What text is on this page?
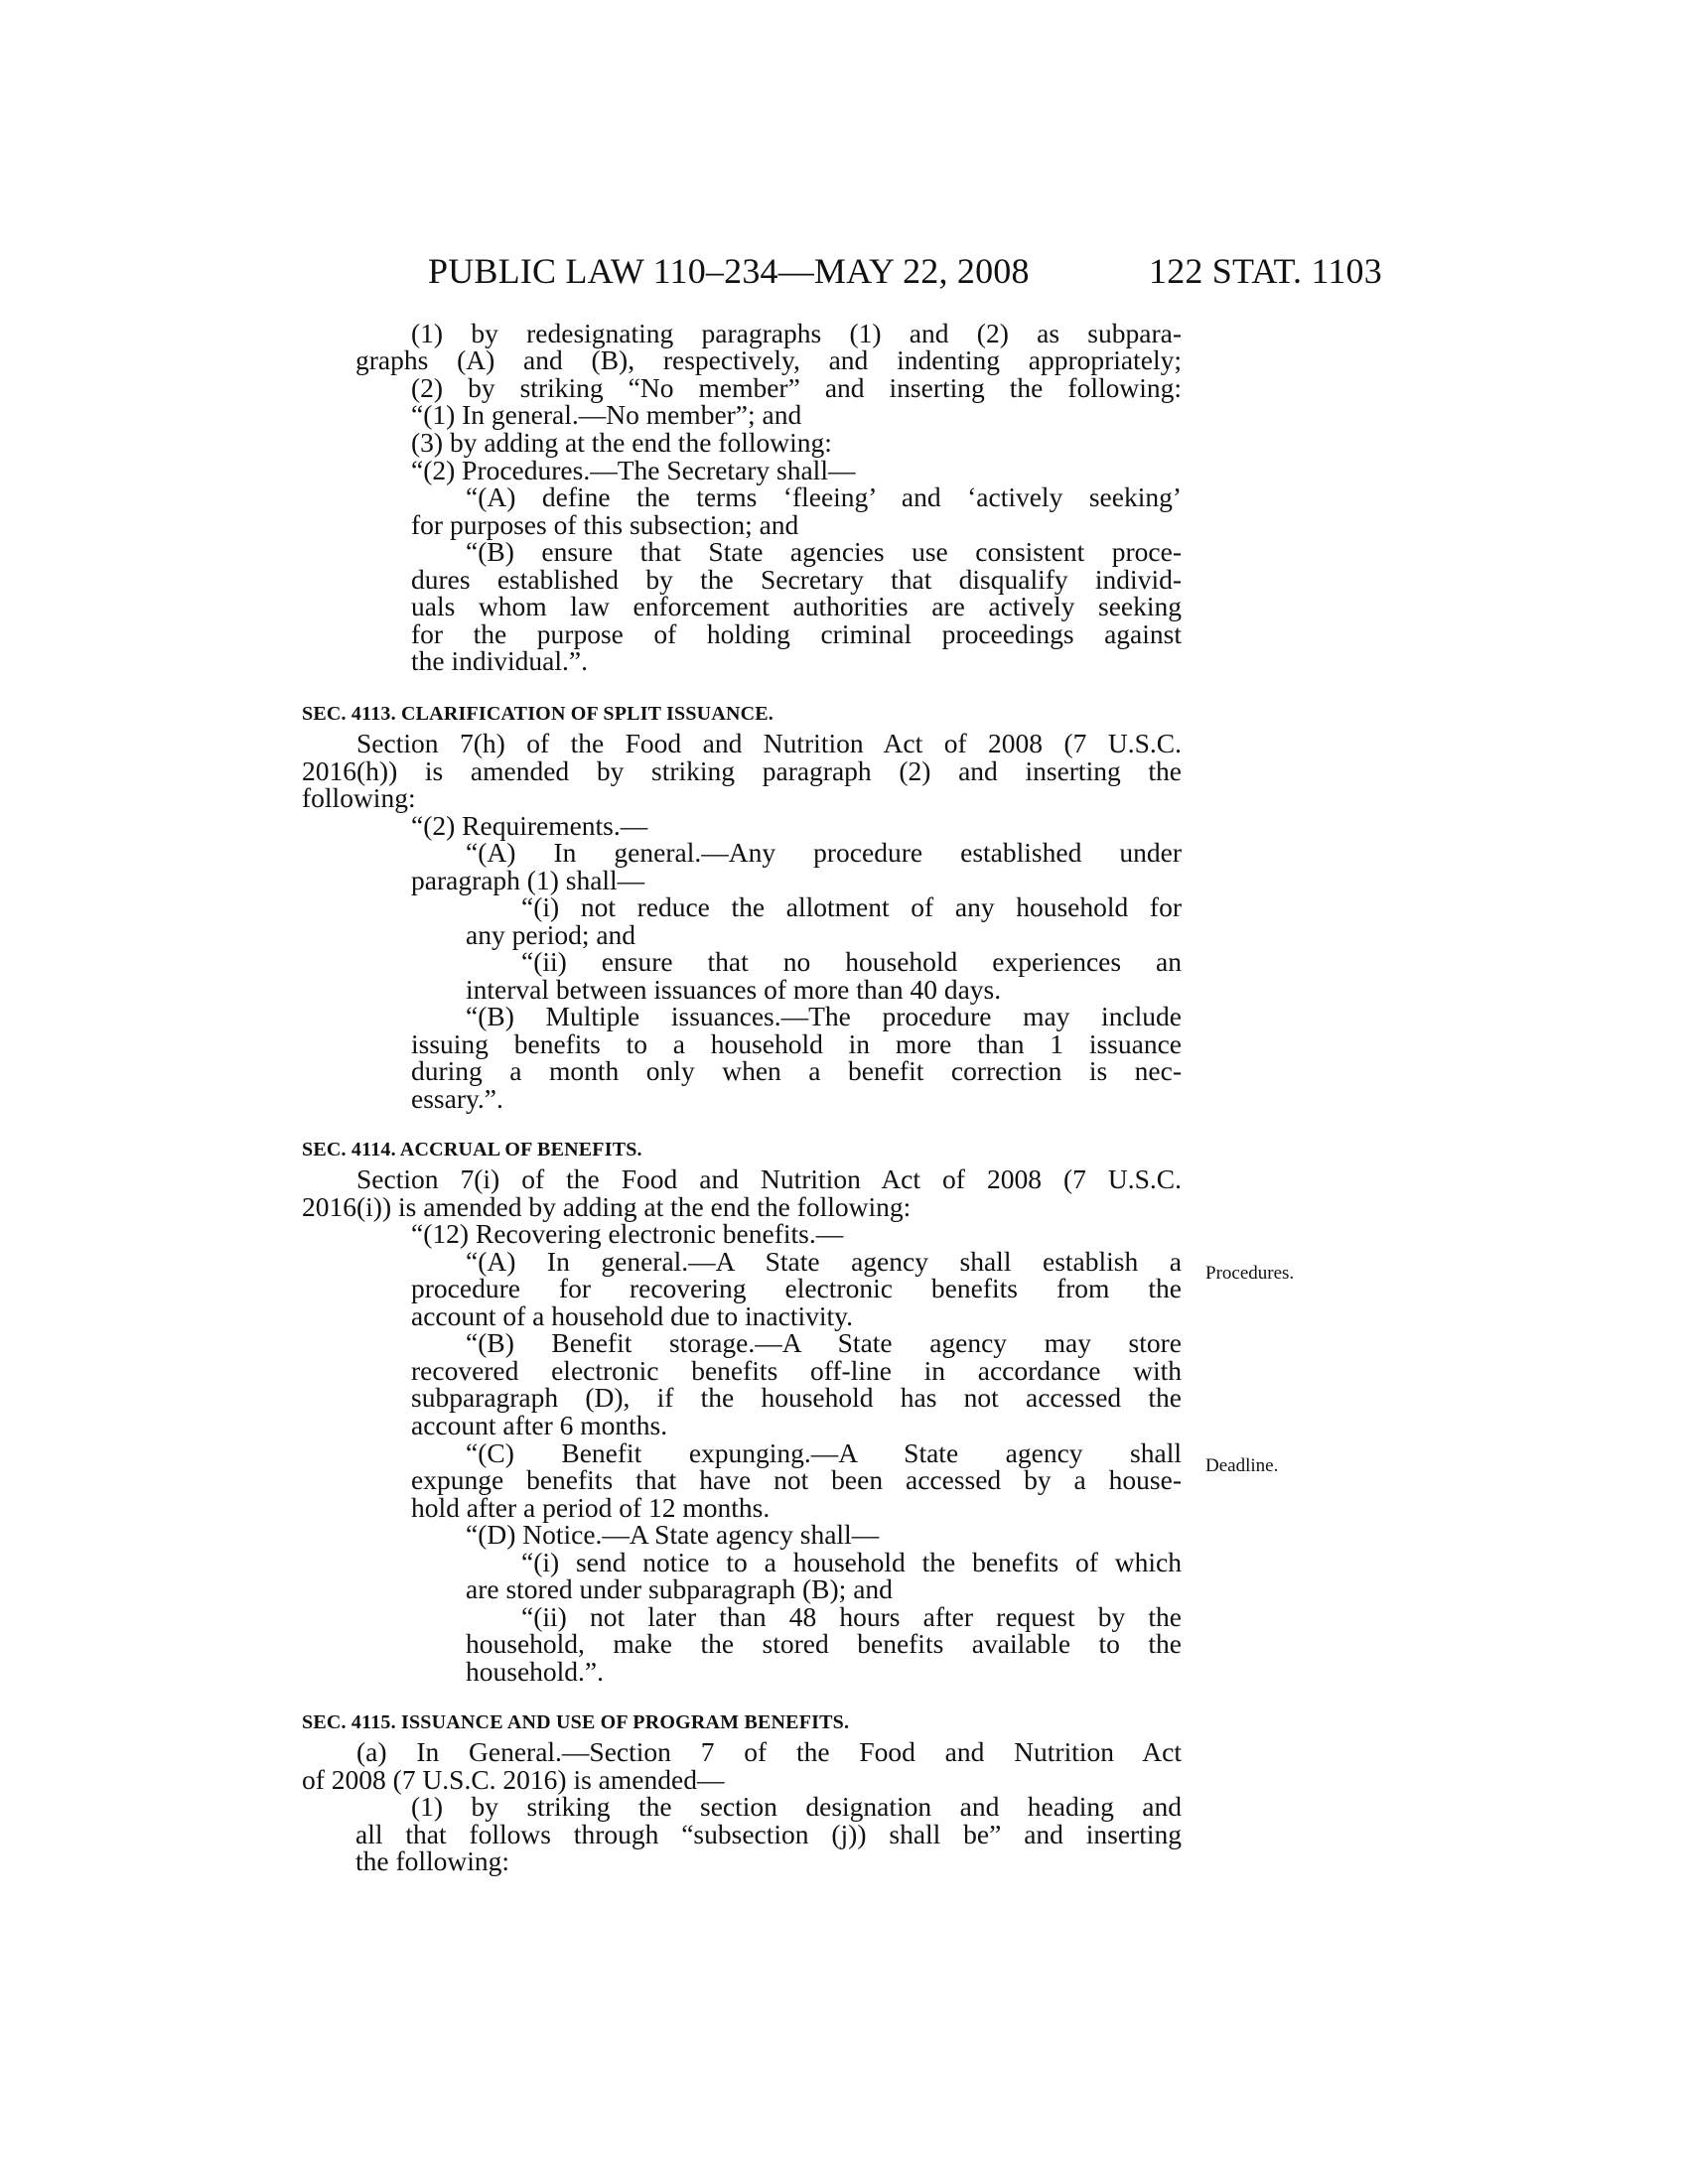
PUBLIC LAW 110–234—MAY 22, 2008	122 STAT. 1103
Procedures.
Deadline.
(1) by redesignating paragraphs (1) and (2) as subpara-
graphs (A) and (B), respectively, and indenting appropriately;
(2) by striking “No member” and inserting the following:
“(1) In general.—No member”; and
(3) by adding at the end the following:
“(2) Procedures.—The Secretary shall—
“(A) define the terms ‘fleeing’ and ‘actively seeking’
for purposes of this subsection; and
“(B) ensure that State agencies use consistent proce-
dures established by the Secretary that disqualify individ-
uals whom law enforcement authorities are actively seeking
for the purpose of holding criminal proceedings against
the individual.”.
SEC. 4113. CLARIFICATION OF SPLIT ISSUANCE.
Section 7(h) of the Food and Nutrition Act of 2008 (7 U.S.C.
2016(h)) is amended by striking paragraph (2) and inserting the
following:
“(2) Requirements.—
“(A) In general.—Any procedure established under
paragraph (1) shall—
“(i) not reduce the allotment of any household for
any period; and
“(ii) ensure that no household experiences an
interval between issuances of more than 40 days.
“(B) Multiple issuances.—The procedure may include
issuing benefits to a household in more than 1 issuance
during a month only when a benefit correction is nec-
essary.”.
SEC. 4114. ACCRUAL OF BENEFITS.
Section 7(i) of the Food and Nutrition Act of 2008 (7 U.S.C.
2016(i)) is amended by adding at the end the following:
“(12) Recovering electronic benefits.—
“(A) In general.—A State agency shall establish a
procedure for recovering electronic benefits from the
account of a household due to inactivity.
“(B) Benefit storage.—A State agency may store
recovered electronic benefits off-line in accordance with
subparagraph (D), if the household has not accessed the
account after 6 months.
“(C) Benefit expunging.—A State agency shall
expunge benefits that have not been accessed by a house-
hold after a period of 12 months.
“(D) Notice.—A State agency shall—
“(i) send notice to a household the benefits of which
are stored under subparagraph (B); and
“(ii) not later than 48 hours after request by the
household, make the stored benefits available to the
household.”.
SEC. 4115. ISSUANCE AND USE OF PROGRAM BENEFITS.
(a) In General.—Section 7 of the Food and Nutrition Act
of 2008 (7 U.S.C. 2016) is amended—
(1) by striking the section designation and heading and
all that follows through “subsection (j)) shall be” and inserting
the following:
